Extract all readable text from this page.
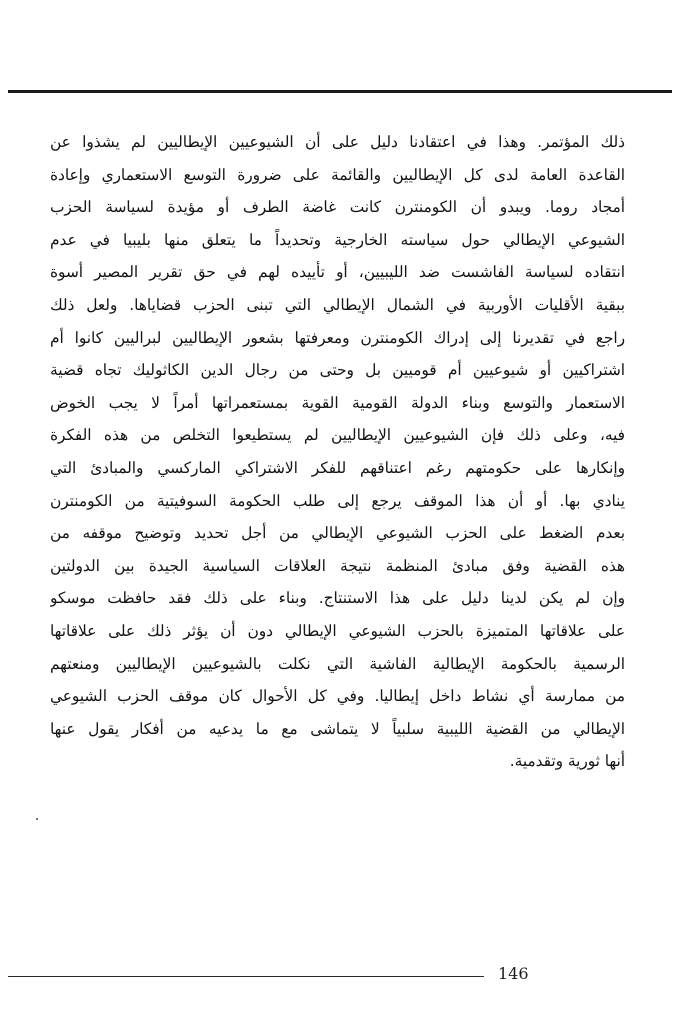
ذلك المؤتمر. وهذا في اعتقادنا دليل على أن الشيوعيين الإيطاليين لم يشذوا عن
القاعدة العامة لدى كل الإيطاليين والقائمة على ضرورة التوسع الاستعماري وإعادة
أمجاد روما. ويبدو أن الكومنترن كانت غاضة الطرف أو مؤيدة لسياسة الحزب
الشيوعي الإيطالي حول سياسته الخارجية وتحديداً ما يتعلق منها بليبيا في عدم
انتقاده لسياسة الفاشست ضد الليبيين، أو تأييده لهم في حق تقرير المصير أسوة
ببقية الأقليات الأوربية في الشمال الإيطالي التي تبنى الحزب قضاياها. ولعل ذلك
راجع في تقديرنا إلى إدراك الكومنترن ومعرفتها بشعور الإيطاليين لبراليين كانوا أم
اشتراكيين أو شيوعيين أم قوميين بل وحتى من رجال الدين الكاثوليك تجاه قضية
الاستعمار والتوسع وبناء الدولة القومية القوية بمستعمراتها أمراً لا يجب الخوض
فيه، وعلى ذلك فإن الشيوعيين الإيطاليين لم يستطيعوا التخلص من هذه الفكرة
وإنكارها على حكومتهم رغم اعتناقهم للفكر الاشتراكي الماركسي والمبادئ التي
ينادي بها. أو أن هذا الموقف يرجع إلى طلب الحكومة السوفيتية من الكومنترن
بعدم الضغط على الحزب الشيوعي الإيطالي من أجل تحديد وتوضيح موقفه من
هذه القضية وفق مبادئ المنظمة نتيجة العلاقات السياسية الجيدة بين الدولتين
وإن لم يكن لدينا دليل على هذا الاستنتاج. وبناء على ذلك فقد حافظت موسكو
على علاقاتها المتميزة بالحزب الشيوعي الإيطالي دون أن يؤثر ذلك على علاقاتها
الرسمية بالحكومة الإيطالية الفاشية التي نكلت بالشيوعيين الإيطاليين ومنعتهم
من ممارسة أي نشاط داخل إيطاليا. وفي كل الأحوال كان موقف الحزب الشيوعي
الإيطالي من القضية الليبية سلبياً لا يتماشى مع ما يدعيه من أفكار يقول عنها
أنها ثورية وتقدمية.
146
